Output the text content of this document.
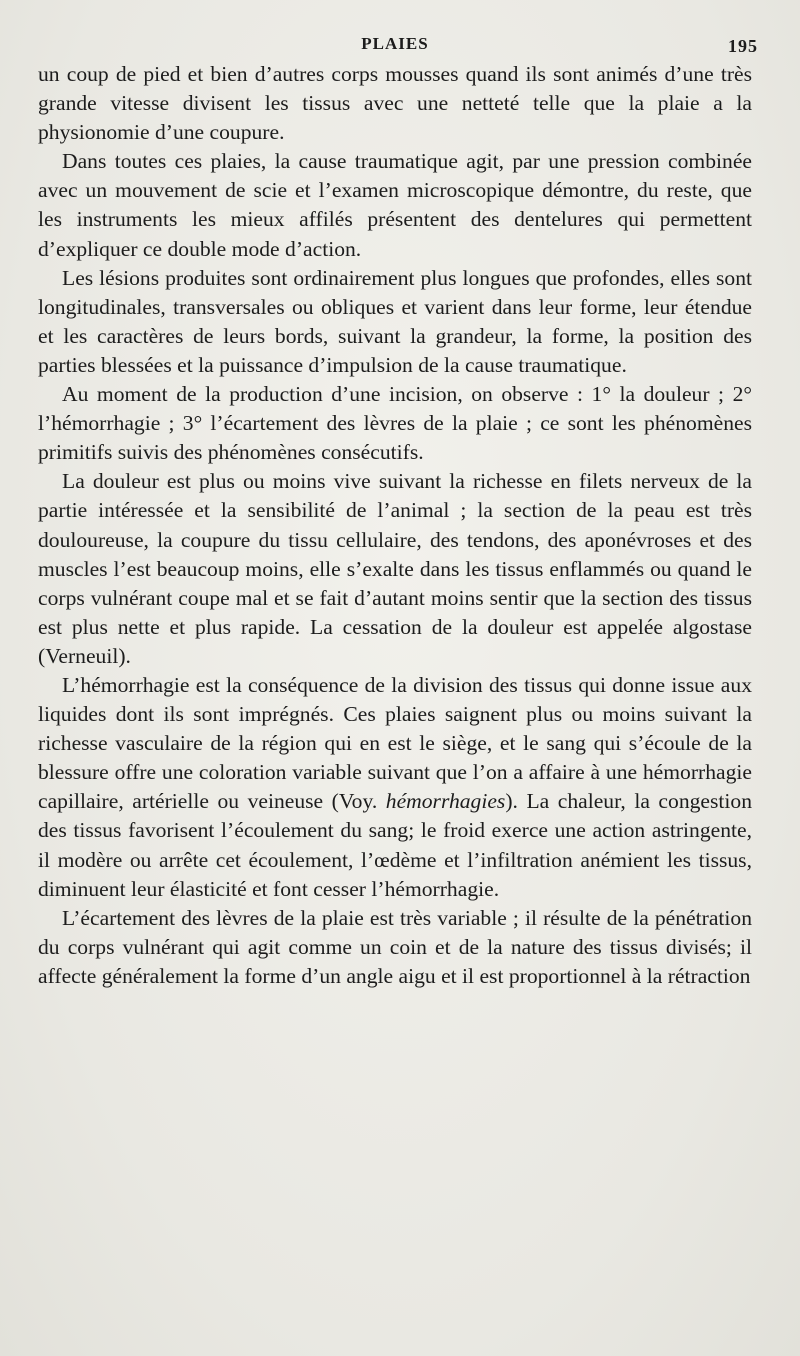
PLAIES	195

un coup de pied et bien d’autres corps mousses quand ils sont animés d’une très grande vitesse divisent les tissus avec une netteté telle que la plaie a la physionomie d’une coupure.

Dans toutes ces plaies, la cause traumatique agit, par une pression combinée avec un mouvement de scie et l’examen microscopique démontre, du reste, que les instruments les mieux affilés présentent des dentelures qui permettent d’expliquer ce double mode d’action.

Les lésions produites sont ordinairement plus longues que profondes, elles sont longitudinales, transversales ou obliques et varient dans leur forme, leur étendue et les caractères de leurs bords, suivant la grandeur, la forme, la position des parties blessées et la puissance d’impulsion de la cause traumatique.

Au moment de la production d’une incision, on observe : 1° la douleur ; 2° l’hémorrhagie ; 3° l’écartement des lèvres de la plaie ; ce sont les phénomènes primitifs suivis des phénomènes consécutifs.

La douleur est plus ou moins vive suivant la richesse en filets nerveux de la partie intéressée et la sensibilité de l’animal ; la section de la peau est très douloureuse, la coupure du tissu cellulaire, des tendons, des aponévroses et des muscles l’est beaucoup moins, elle s’exalte dans les tissus enflammés ou quand le corps vulnérant coupe mal et se fait d’autant moins sentir que la section des tissus est plus nette et plus rapide. La cessation de la douleur est appelée algostase (Verneuil).

L’hémorrhagie est la conséquence de la division des tissus qui donne issue aux liquides dont ils sont imprégnés. Ces plaies saignent plus ou moins suivant la richesse vasculaire de la région qui en est le siège, et le sang qui s’écoule de la blessure offre une coloration variable suivant que l’on a affaire à une hémorrhagie capillaire, artérielle ou veineuse (Voy. hémorrhagies). La chaleur, la congestion des tissus favorisent l’écoulement du sang; le froid exerce une action astringente, il modère ou arrête cet écoulement, l’œdème et l’infiltration anémient les tissus, diminuent leur élasticité et font cesser l’hémorrhagie.

L’écartement des lèvres de la plaie est très variable ; il résulte de la pénétration du corps vulnérant qui agit comme un coin et de la nature des tissus divisés; il affecte généralement la forme d’un angle aigu et il est proportionnel à la rétraction
